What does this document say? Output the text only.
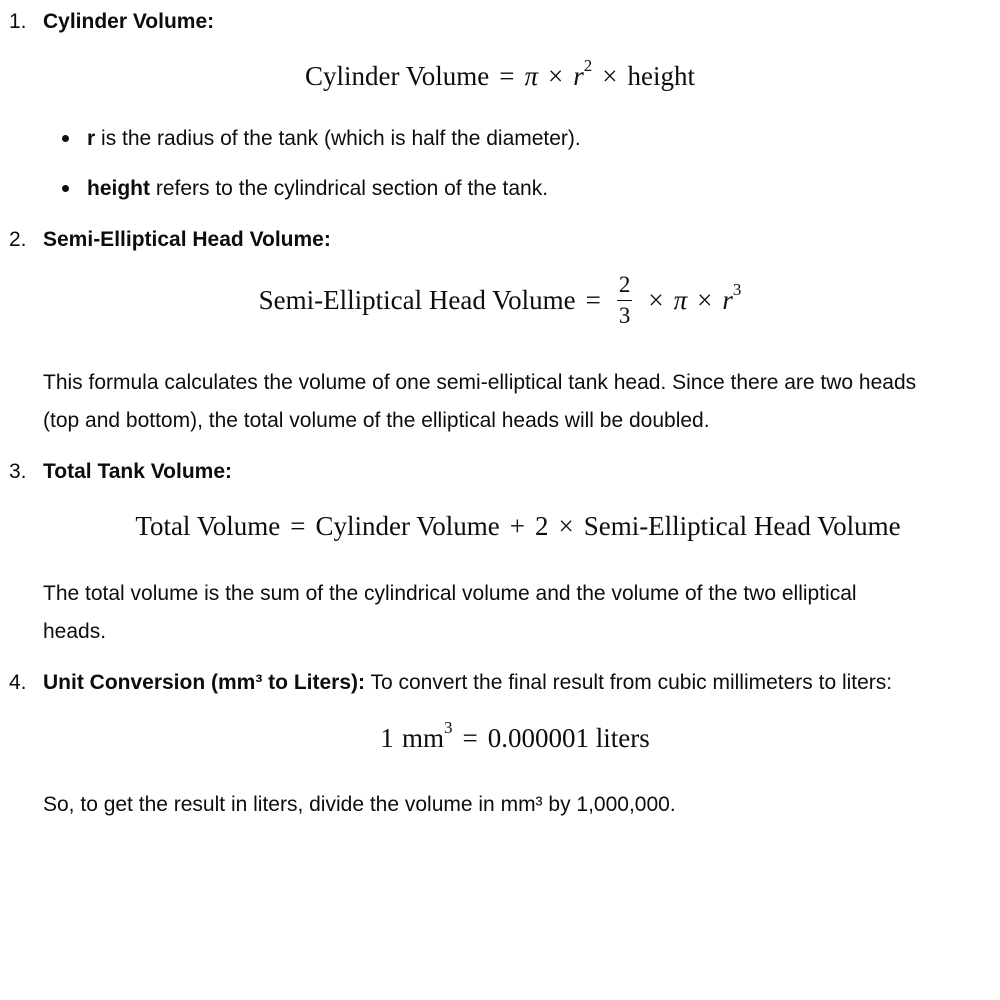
1. Cylinder Volume:
Cylinder Volume = $\pi \times r^2$ × height
r is the radius of the tank (which is half the diameter).
height refers to the cylindrical section of the tank.
2. Semi-Elliptical Head Volume:
Semi-Elliptical Head Volume = $\frac{2}{3} \times \pi \times r^3$
This formula calculates the volume of one semi-elliptical tank head. Since there are two heads
(top and bottom), the total volume of the elliptical heads will be doubled.
3. Total Tank Volume:
Total Volume = Cylinder Volume + 2 × Semi-Elliptical Head Volume
The total volume is the sum of the cylindrical volume and the volume of the two elliptical
heads.
4. Unit Conversion (mm³ to Liters): To convert the final result from cubic millimeters to liters:
1  $mm^3 = 0.000001$ liters
So, to get the result in liters, divide the volume in mm³ by 1,000,000.
